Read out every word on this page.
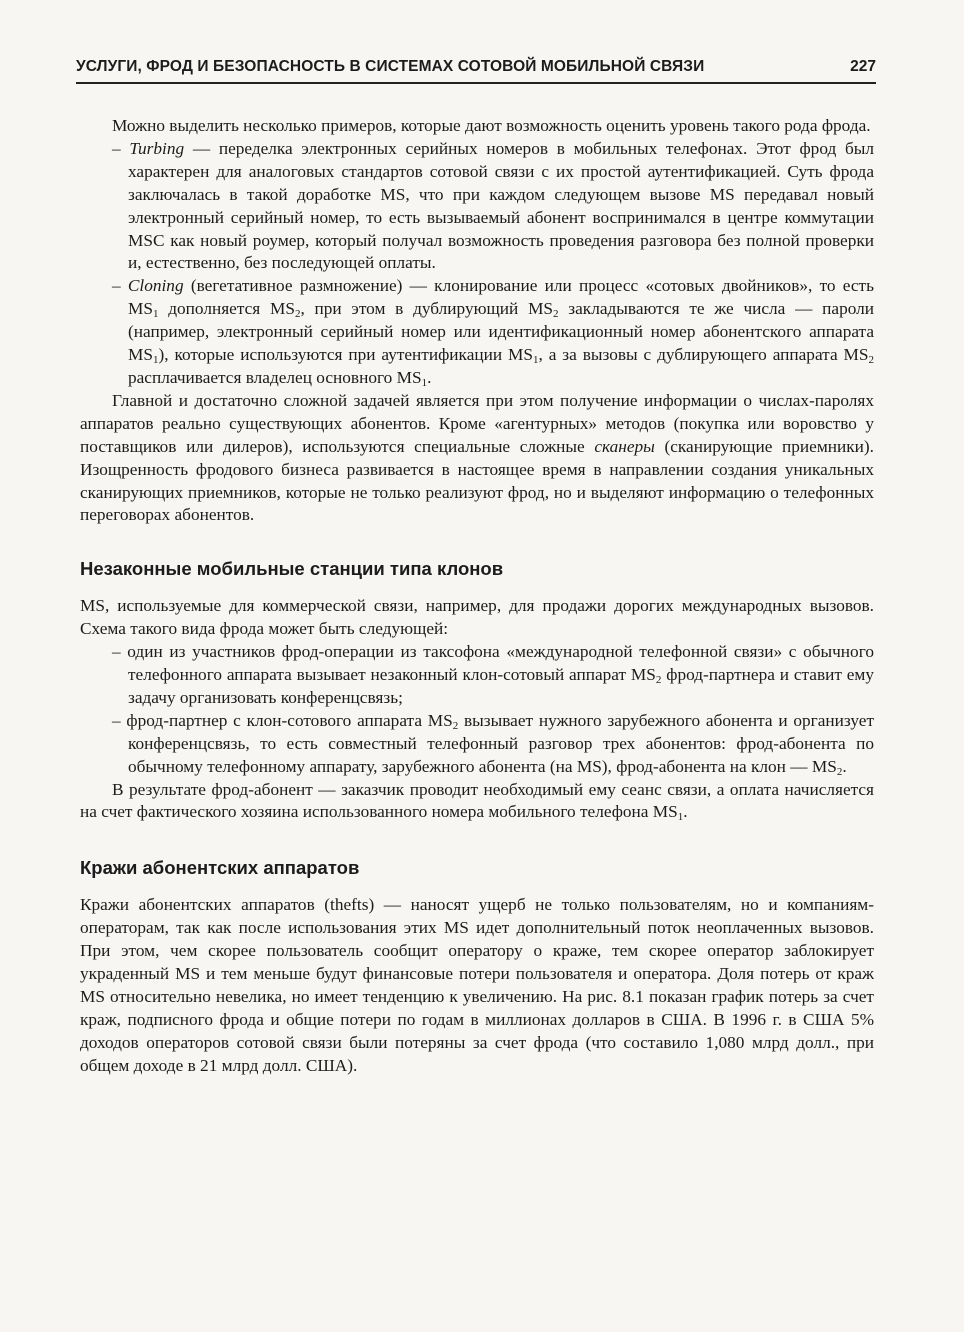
УСЛУГИ, ФРОД И БЕЗОПАСНОСТЬ В СИСТЕМАХ СОТОВОЙ МОБИЛЬНОЙ СВЯЗИ	227

Можно выделить несколько примеров, которые дают возможность оценить уровень такого рода фрода.

– Turbing — переделка электронных серийных номеров в мобильных телефонах. Этот фрод был характерен для аналоговых стандартов сотовой связи с их простой аутентификацией. Суть фрода заключалась в такой доработке MS, что при каждом следующем вызове MS передавал новый электронный серийный номер, то есть вызываемый абонент воспринимался в центре коммутации MSC как новый роумер, который получал возможность проведения разговора без полной проверки и, естественно, без последующей оплаты.

– Cloning (вегетативное размножение) — клонирование или процесс «сотовых двойников», то есть $MS_1$ дополняется $MS_2$, при этом в дублирующий $MS_2$ закладываются те же числа — пароли (например, электронный серийный номер или идентификационный номер абонентского аппарата $MS_1$), которые используются при аутентификации $MS_1$, а за вызовы с дублирующего аппарата $MS_2$ расплачивается владелец основного $MS_1$.

Главной и достаточно сложной задачей является при этом получение информации о числах-паролях аппаратов реально существующих абонентов. Кроме «агентурных» методов (покупка или воровство у поставщиков или дилеров), используются специальные сложные сканеры (сканирующие приемники). Изощренность фродового бизнеса развивается в настоящее время в направлении создания уникальных сканирующих приемников, которые не только реализуют фрод, но и выделяют информацию о телефонных переговорах абонентов.

Незаконные мобильные станции типа клонов

MS, используемые для коммерческой связи, например, для продажи дорогих международных вызовов. Схема такого вида фрода может быть следующей:

– один из участников фрод-операции из таксофона «международной телефонной связи» с обычного телефонного аппарата вызывает незаконный клон-сотовый аппарат $MS_2$ фрод-партнера и ставит ему задачу организовать конференцсвязь;

– фрод-партнер с клон-сотового аппарата $MS_2$ вызывает нужного зарубежного абонента и организует конференцсвязь, то есть совместный телефонный разговор трех абонентов: фрод-абонента по обычному телефонному аппарату, зарубежного абонента (на MS), фрод-абонента на клон — $MS_2$.

В результате фрод-абонент — заказчик проводит необходимый ему сеанс связи, а оплата начисляется на счет фактического хозяина использованного номера мобильного телефона $MS_1$.

Кражи абонентских аппаратов

Кражи абонентских аппаратов (thefts) — наносят ущерб не только пользователям, но и компаниям-операторам, так как после использования этих MS идет дополнительный поток неоплаченных вызовов. При этом, чем скорее пользователь сообщит оператору о краже, тем скорее оператор заблокирует украденный MS и тем меньше будут финансовые потери пользователя и оператора. Доля потерь от краж MS относительно невелика, но имеет тенденцию к увеличению. На рис. 8.1 показан график потерь за счет краж, подписного фрода и общие потери по годам в миллионах долларов в США. В 1996 г. в США 5% доходов операторов сотовой связи были потеряны за счет фрода (что составило 1,080 млрд долл., при общем доходе в 21 млрд долл. США).
